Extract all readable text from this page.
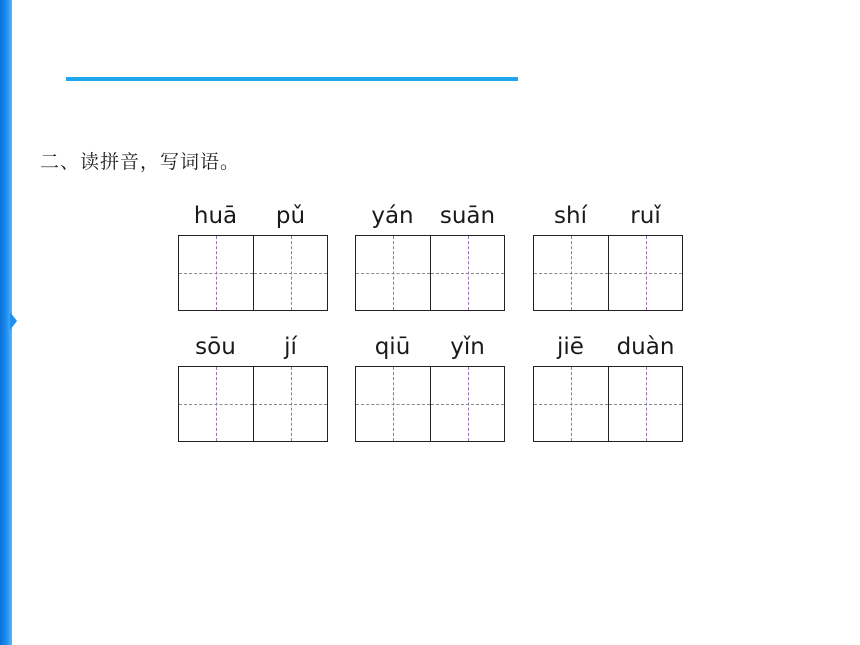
二、读拼音，写词语。
huā	pǔ	yán	suān	shí	ruǐ
sōu	jí	qiū	yǐn	jiē	duàn
